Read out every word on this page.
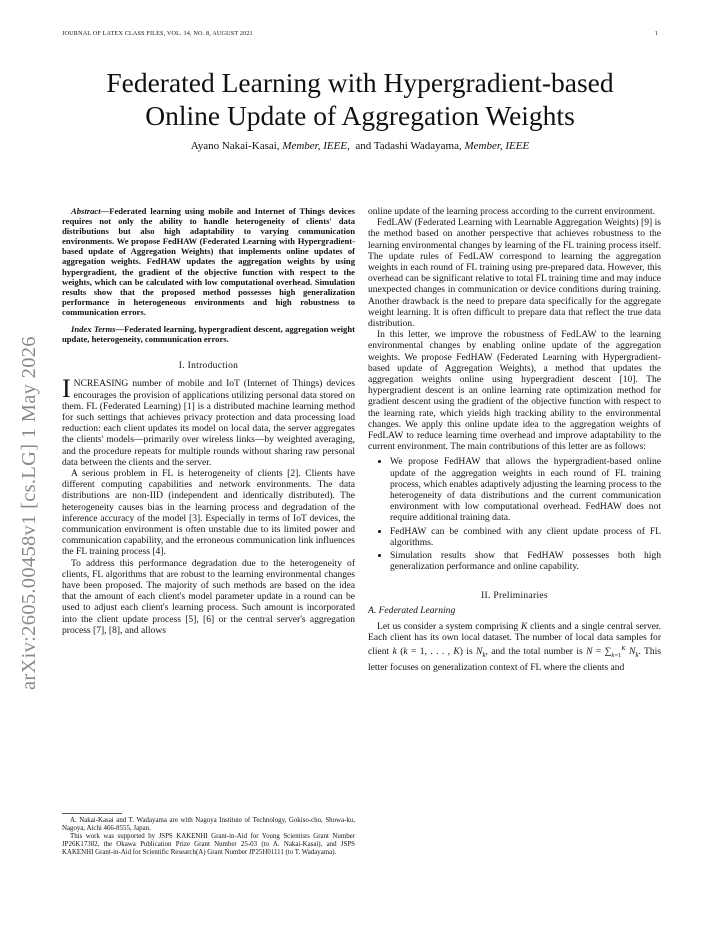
JOURNAL OF LATEX CLASS FILES, VOL. 14, NO. 8, AUGUST 2021	1
arXiv:2605.00458v1 [cs.LG] 1 May 2026
Federated Learning with Hypergradient-based
Online Update of Aggregation Weights
Ayano Nakai-Kasai, Member, IEEE, and Tadashi Wadayama, Member, IEEE

Abstract—Federated learning using mobile and Internet of Things devices requires not only the ability to handle heterogeneity of clients' data distributions but also high adaptability to varying communication environments. We propose FedHAW (Federated Learning with Hypergradient-based update of Aggregation Weights) that implements online updates of aggregation weights. FedHAW updates the aggregation weights by using hypergradient, the gradient of the objective function with respect to the weights, which can be calculated with low computational overhead. Simulation results show that the proposed method possesses high generalization performance in heterogeneous environments and high robustness to communication errors.

Index Terms—Federated learning, hypergradient descent, aggregation weight update, heterogeneity, communication errors.

I. Introduction

INCREASING number of mobile and IoT (Internet of Things) devices encourages the provision of applications utilizing personal data stored on them. FL (Federated Learning) [1] is a distributed machine learning method for such settings that achieves privacy protection and data processing load reduction: each client updates its model on local data, the server aggregates the clients' models—primarily over wireless links—by weighted averaging, and the procedure repeats for multiple rounds without sharing raw personal data between the clients and the server.

A serious problem in FL is heterogeneity of clients [2]. Clients have different computing capabilities and network environments. The data distributions are non-IID (independent and identically distributed). The heterogeneity causes bias in the learning process and degradation of the inference accuracy of the model [3]. Especially in terms of IoT devices, the communication environment is often unstable due to its limited power and communication capability, and the erroneous communication link influences the FL training process [4].

To address this performance degradation due to the heterogeneity of clients, FL algorithms that are robust to the learning environmental changes have been proposed. The majority of such methods are based on the idea that the amount of each client's model parameter update in a round can be used to adjust each client's learning process. Such amount is incorporated into the client update process [5], [6] or the central server's aggregation process [7], [8], and allows

A. Nakai-Kasai and T. Wadayama are with Nagoya Institute of Technology, Gokiso-cho, Showa-ku, Nagoya, Aichi 466-8555, Japan.

This work was supported by JSPS KAKENHI Grant-in-Aid for Young Scientists Grant Number JP26K17382, the Okawa Publication Prize Grant Number 25-03 (to A. Nakai-Kasai), and JSPS KAKENHI Grant-in-Aid for Scientific Research(A) Grant Number JP25H01111 (to T. Wadayama).

online update of the learning process according to the current environment.

FedLAW (Federated Learning with Learnable Aggregation Weights) [9] is the method based on another perspective that achieves robustness to the learning environmental changes by learning of the FL training process itself. The update rules of FedLAW correspond to learning the aggregation weights in each round of FL training using pre-prepared data. However, this overhead can be significant relative to total FL training time and may induce unexpected changes in communication or device conditions during training. Another drawback is the need to prepare data specifically for the aggregate weight learning. It is often difficult to prepare data that reflect the true data distribution.

In this letter, we improve the robustness of FedLAW to the learning environmental changes by enabling online update of the aggregation weights. We propose FedHAW (Federated Learning with Hypergradient-based update of Aggregation Weights), a method that updates the aggregation weights online using hypergradient descent [10]. The hypergradient descent is an online learning rate optimization method for gradient descent using the gradient of the objective function with respect to the learning rate, which yields high tracking ability to the environmental changes. We apply this online update idea to the aggregation weights of FedLAW to reduce learning time overhead and improve adaptability to the current environment. The main contributions of this letter are as follows:

• We propose FedHAW that allows the hypergradient-based online update of the aggregation weights in each round of FL training process, which enables adaptively adjusting the learning process to the heterogeneity of data distributions and the current communication environment with low computational overhead. FedHAW does not require additional training data.
• FedHAW can be combined with any client update process of FL algorithms.
• Simulation results show that FedHAW possesses both high generalization performance and online capability.
II. Preliminaries
A. Federated Learning

Let us consider a system comprising K clients and a single central server. Each client has its own local dataset. The number of local data samples for client k (k = 1, . . . , K) is $N_k$, and the total number is $N = \sum_{k=1}^K$ $N_k$. This letter focuses on generalization context of FL where the clients and
